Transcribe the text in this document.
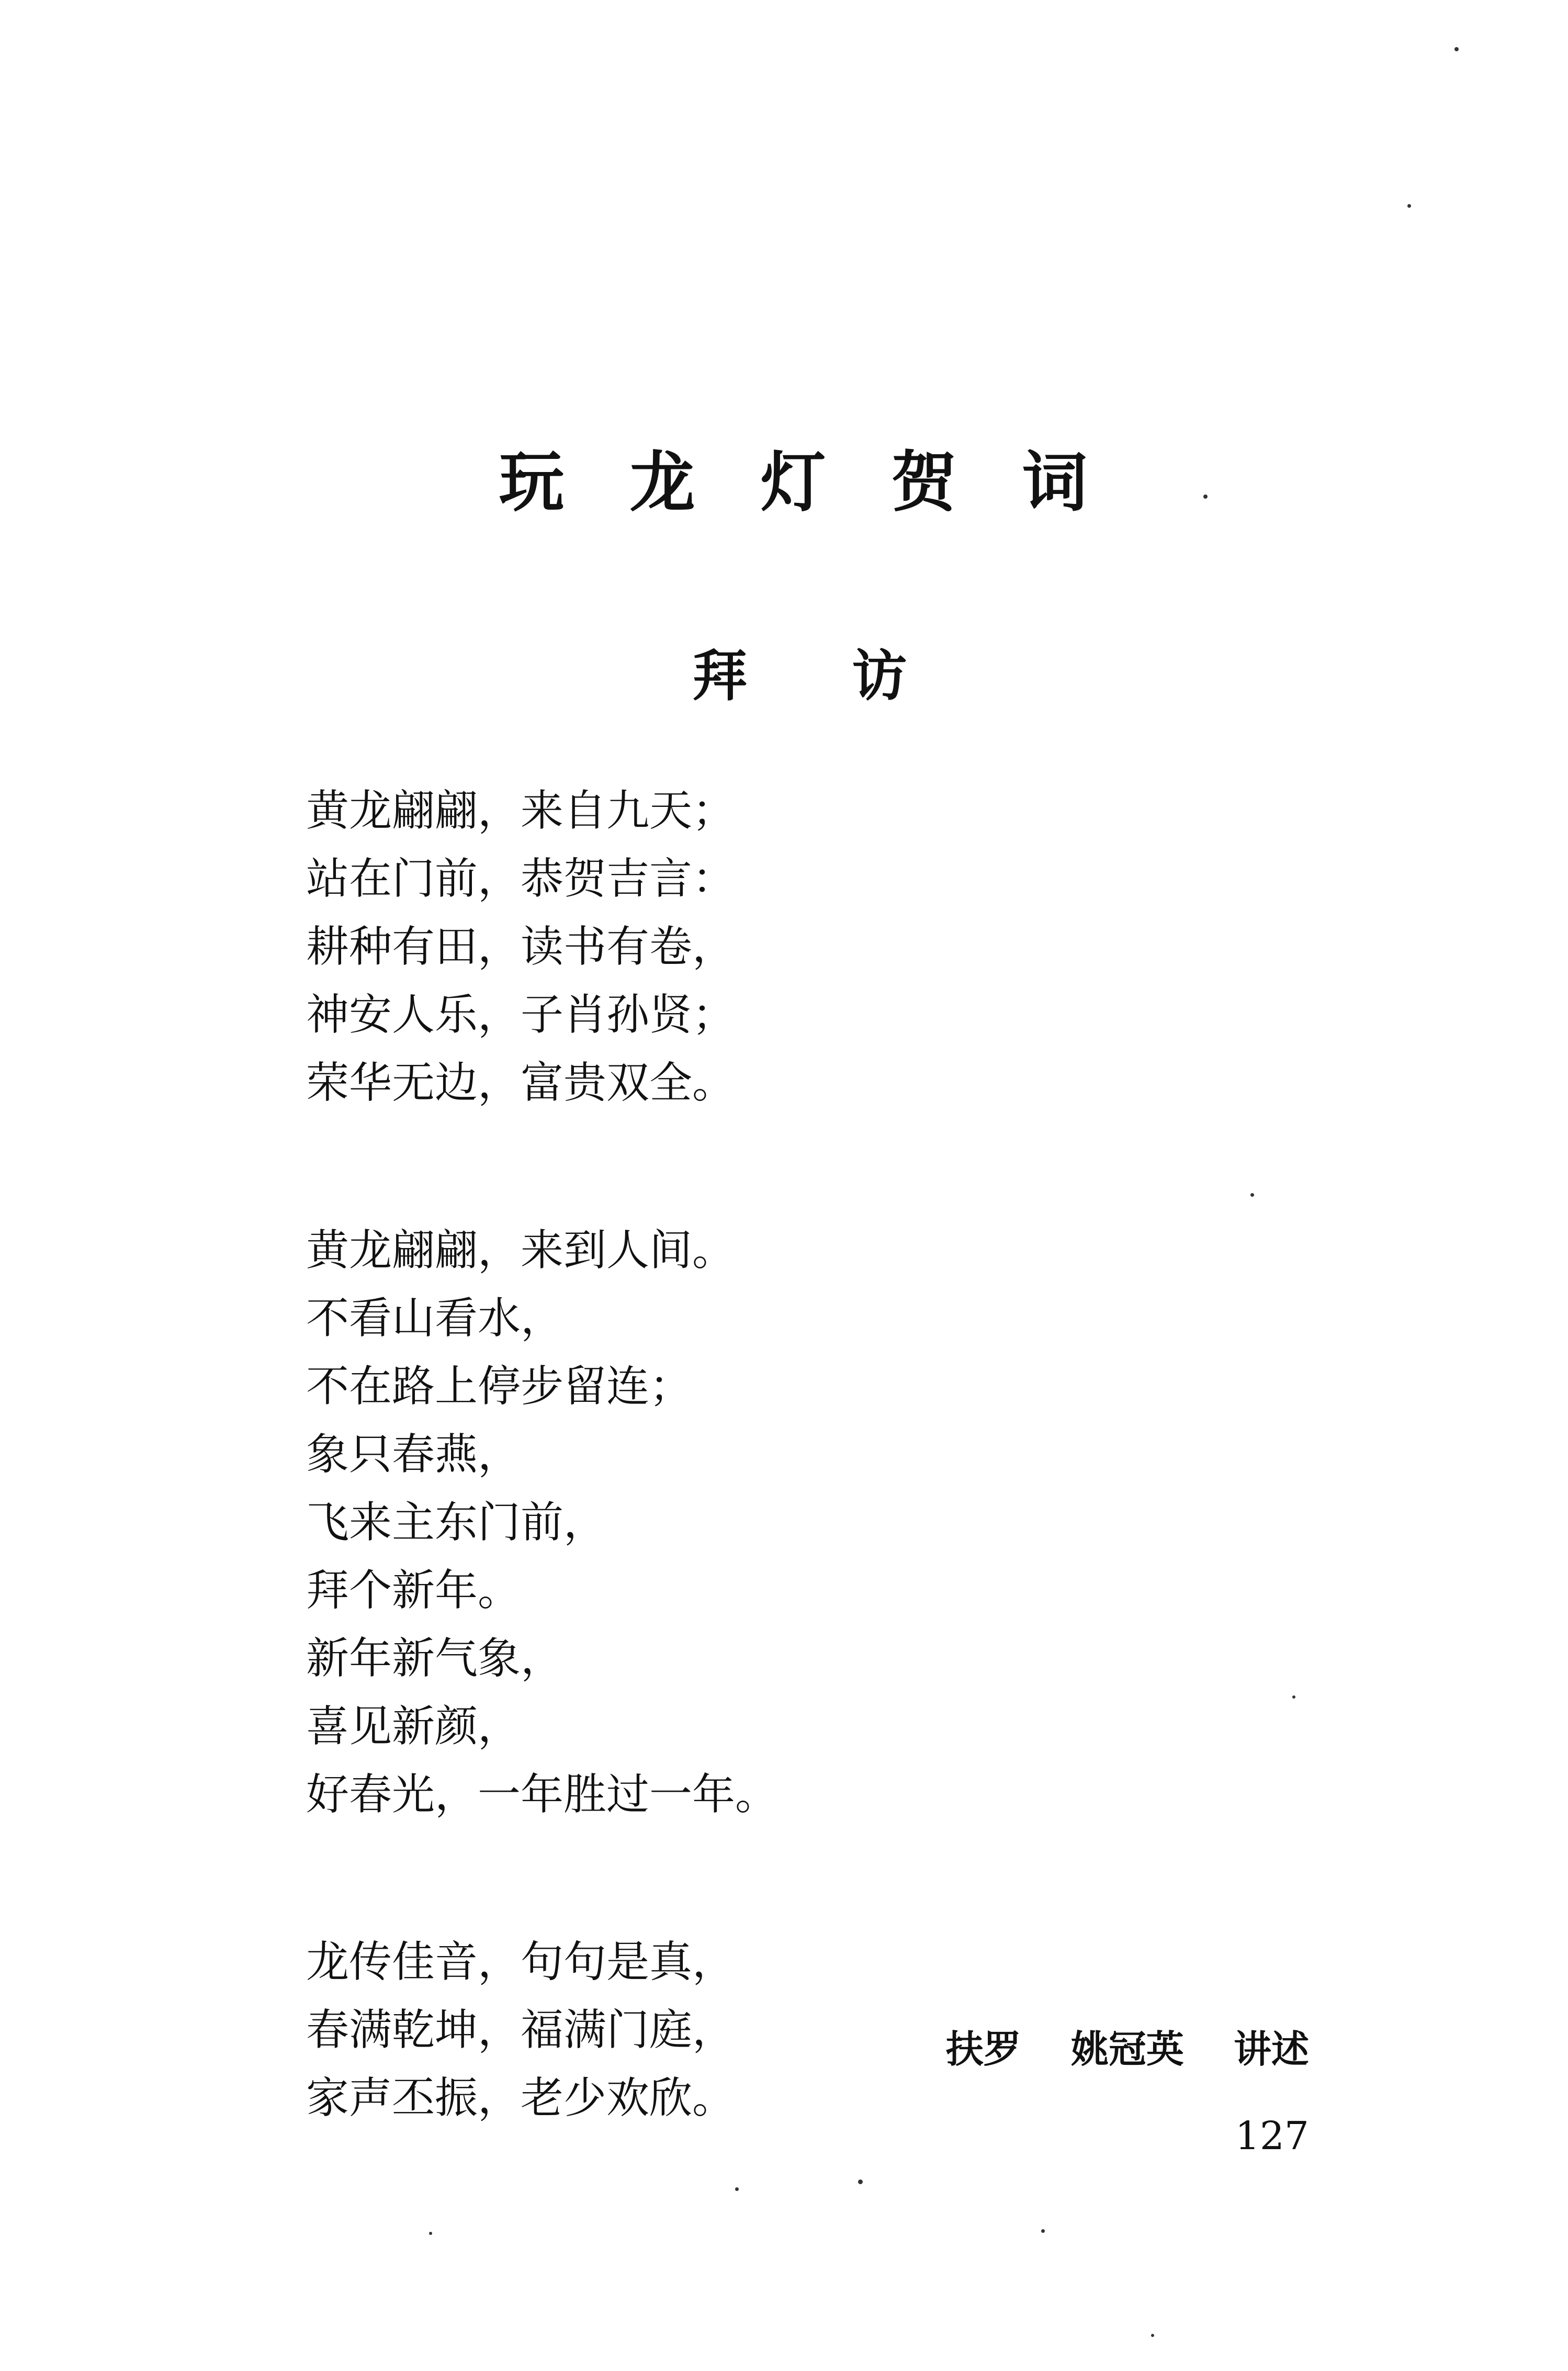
玩龙灯贺词
拜访
黄龙翩翩，来自九天；
站在门前，恭贺吉言：
耕种有田，读书有卷，
神安人乐，子肖孙贤；
荣华无边，富贵双全。
黄龙翩翩，来到人间。
不看山看水，
不在路上停步留连；
象只春燕，
飞来主东门前，
拜个新年。
新年新气象，
喜见新颜，
好春光，一年胜过一年。
龙传佳音，句句是真，
春满乾坤，福满门庭，
家声丕振，老少欢欣。
扶罗 姚冠英 讲述
127
